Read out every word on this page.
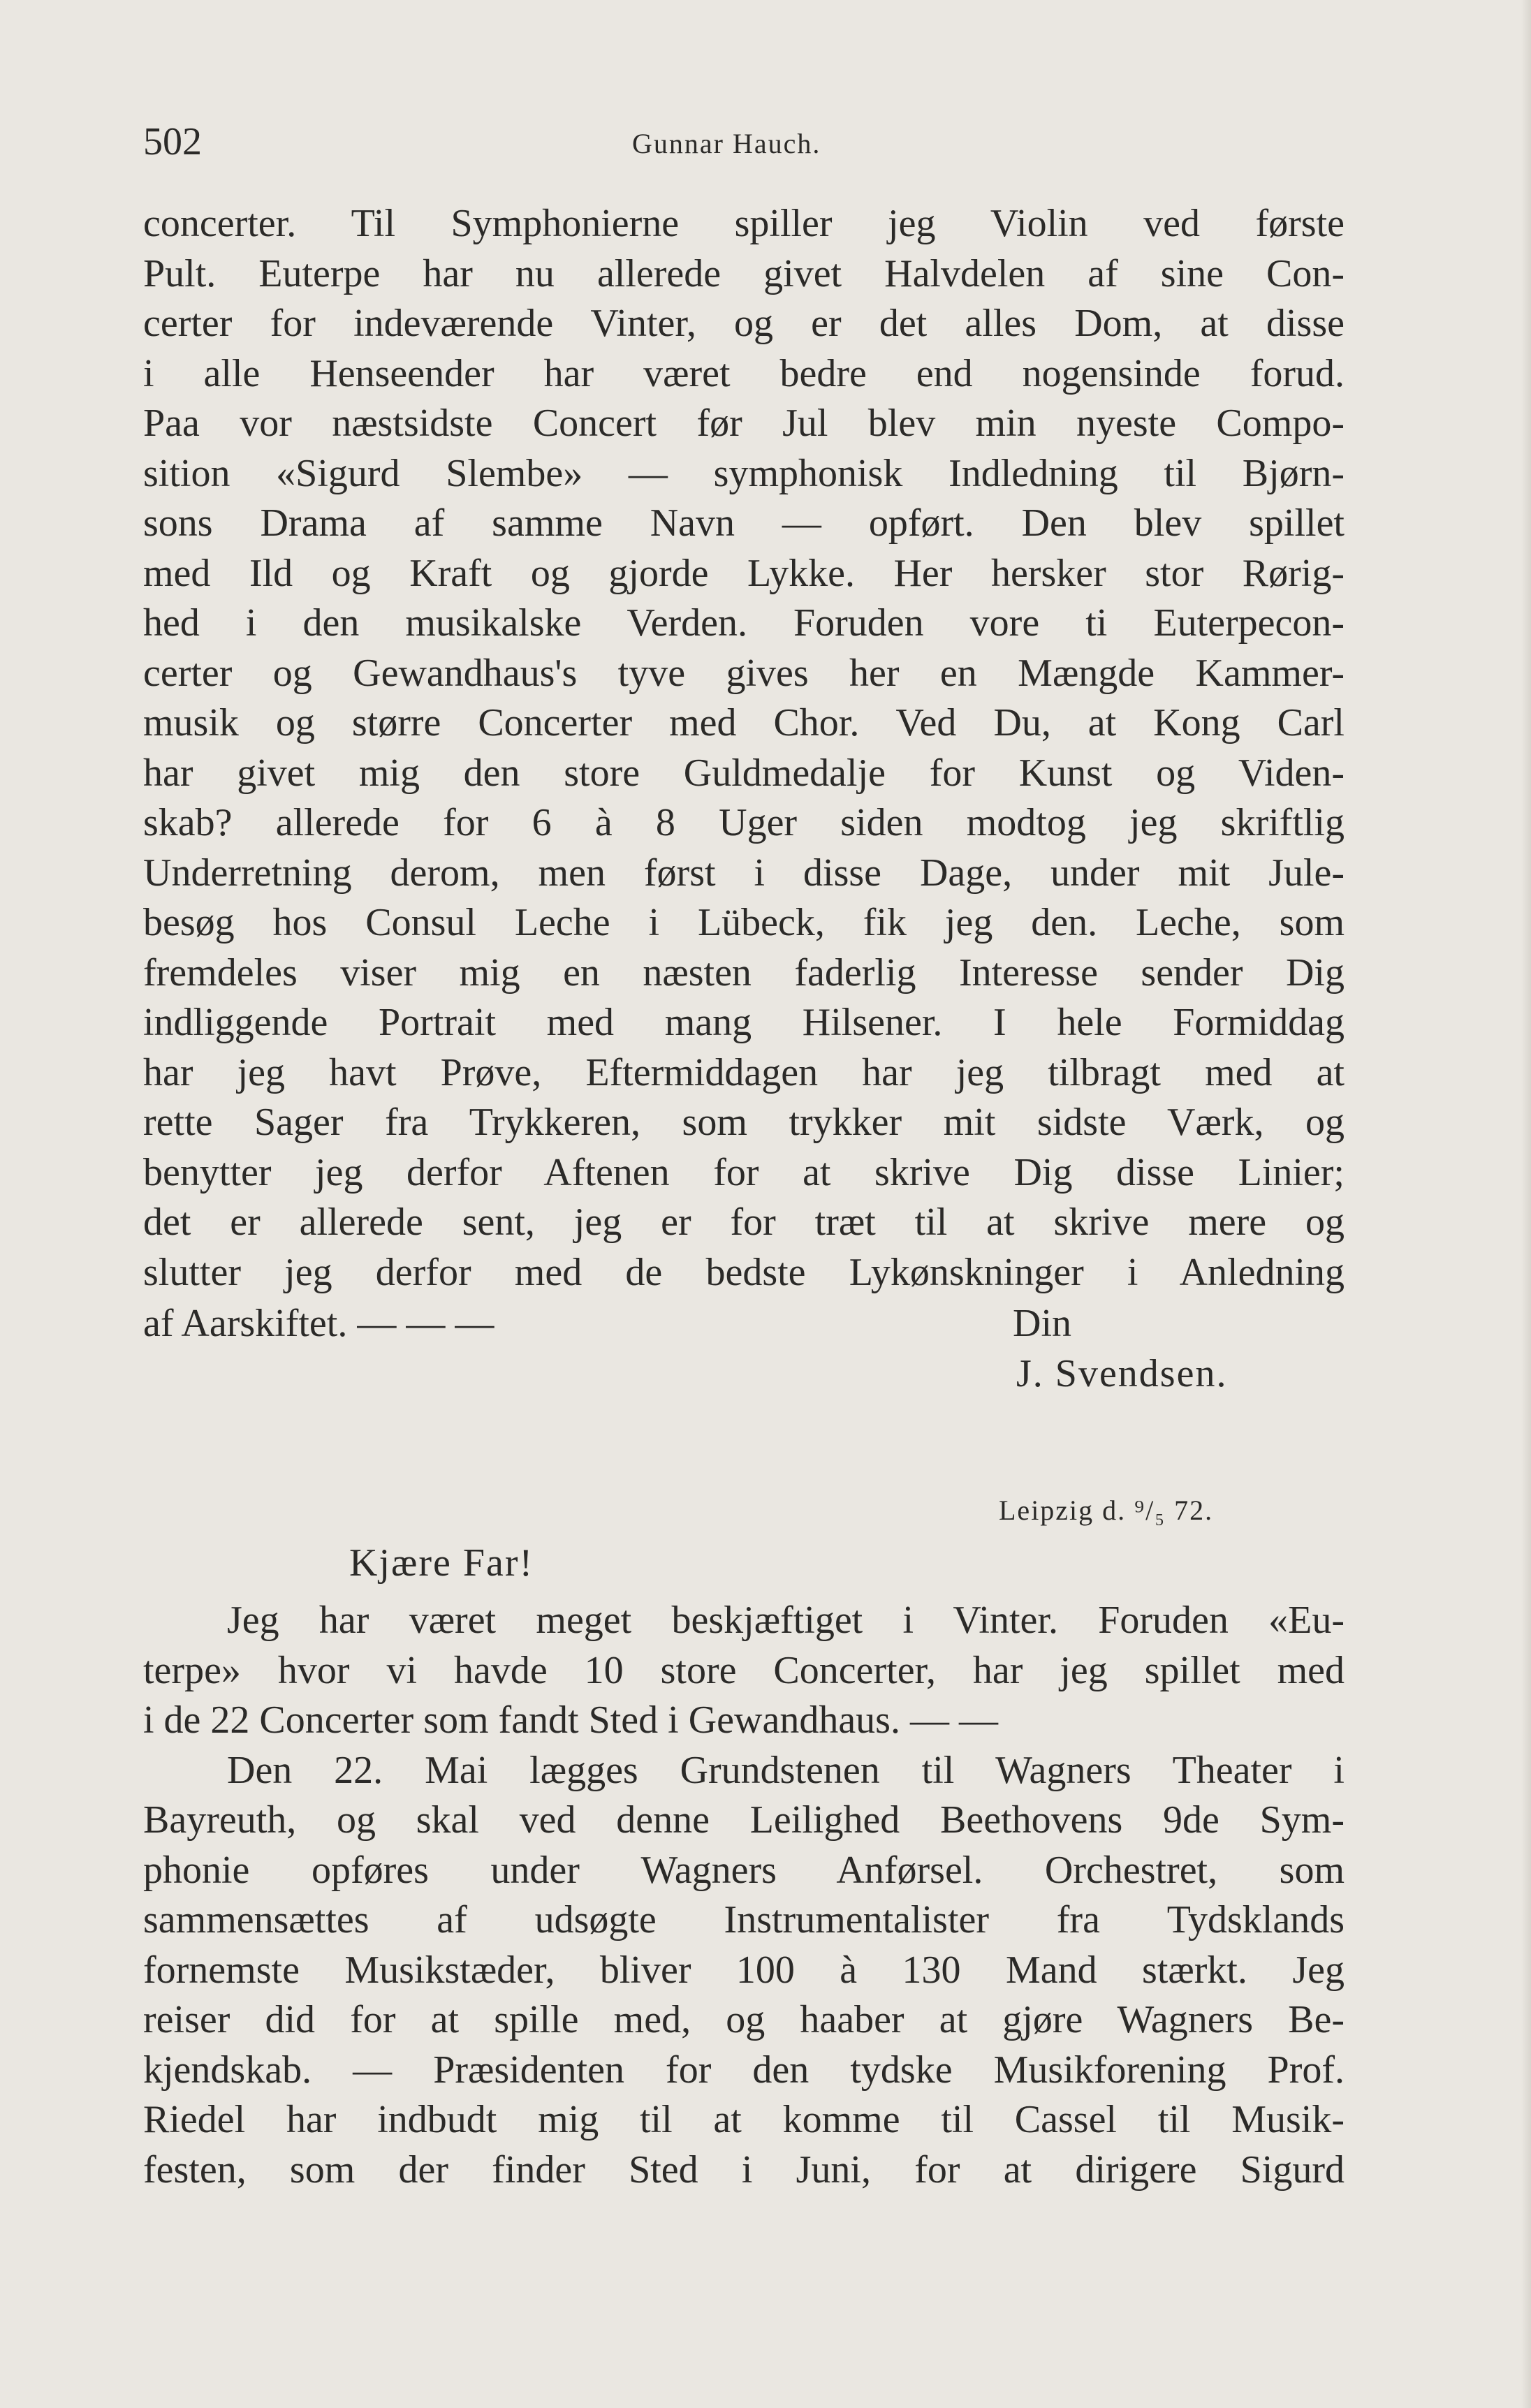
502	Gunnar Hauch.
concerter. Til Symphonierne spiller jeg Violin ved første
Pult. Euterpe har nu allerede givet Halvdelen af sine Con-
certer for indeværende Vinter, og er det alles Dom, at disse
i alle Henseender har været bedre end nogensinde forud.
Paa vor næstsidste Concert før Jul blev min nyeste Compo-
sition «Sigurd Slembe» — symphonisk Indledning til Bjørn-
sons Drama af samme Navn — opført. Den blev spillet
med Ild og Kraft og gjorde Lykke. Her hersker stor Rørig-
hed i den musikalske Verden. Foruden vore ti Euterpecon-
certer og Gewandhaus's tyve gives her en Mængde Kammer-
musik og større Concerter med Chor. Ved Du, at Kong Carl
har givet mig den store Guldmedalje for Kunst og Viden-
skab? allerede for 6 à 8 Uger siden modtog jeg skriftlig
Underretning derom, men først i disse Dage, under mit Jule-
besøg hos Consul Leche i Lübeck, fik jeg den. Leche, som
fremdeles viser mig en næsten faderlig Interesse sender Dig
indliggende Portrait med mang Hilsener. I hele Formiddag
har jeg havt Prøve, Eftermiddagen har jeg tilbragt med at
rette Sager fra Trykkeren, som trykker mit sidste Værk, og
benytter jeg derfor Aftenen for at skrive Dig disse Linier;
det er allerede sent, jeg er for træt til at skrive mere og
slutter jeg derfor med de bedste Lykønskninger i Anledning
af Aarskiftet. — — —	Din
J. Svendsen.
Leipzig d. ⁹/₅ 72.
Kjære Far!
Jeg har været meget beskjæftiget i Vinter. Foruden «Eu-
terpe» hvor vi havde 10 store Concerter, har jeg spillet med
i de 22 Concerter som fandt Sted i Gewandhaus. — —
Den 22. Mai lægges Grundstenen til Wagners Theater i
Bayreuth, og skal ved denne Leilighed Beethovens 9de Sym-
phonie opføres under Wagners Anførsel. Orchestret, som
sammensættes af udsøgte Instrumentalister fra Tydsklands
fornemste Musikstæder, bliver 100 à 130 Mand stærkt. Jeg
reiser did for at spille med, og haaber at gjøre Wagners Be-
kjendskab. — Præsidenten for den tydske Musikforening Prof.
Riedel har indbudt mig til at komme til Cassel til Musik-
festen, som der finder Sted i Juni, for at dirigere Sigurd
